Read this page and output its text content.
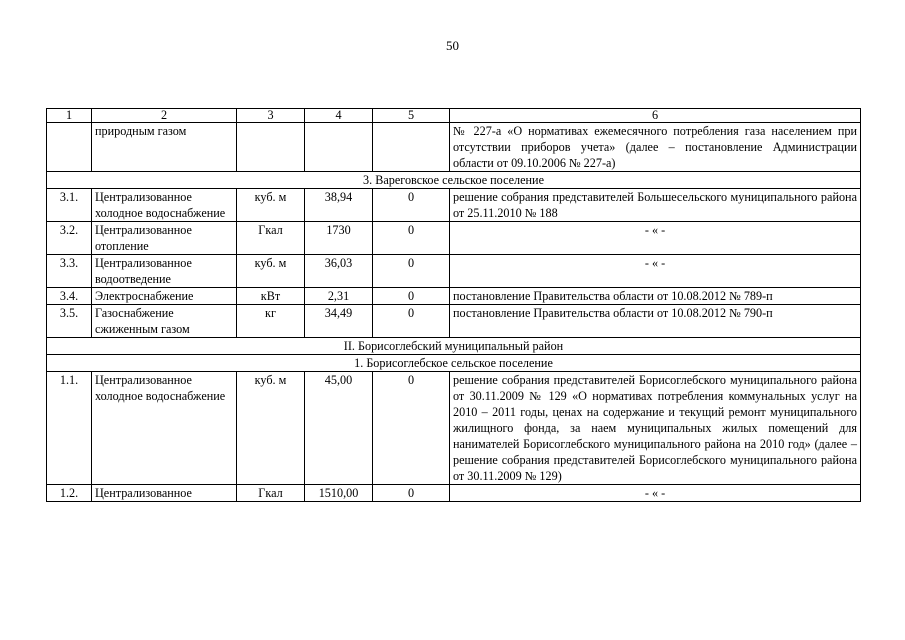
50
1	2	3	4	5	6
	природным газом				№ 227-а «О нормативах ежемесячного потребления газа населением при отсутствии приборов учета» (далее – постановление Администрации области от 09.10.2006 № 227-а)
3. Вареговское сельское поселение					
3.1.	Централизованное холодное водоснабжение	куб. м	38,94	0	решение собрания представителей Большесельского муниципального района от 25.11.2010 № 188
3.2.	Централизованное отопление	Гкал	1730	0	- « -
3.3.	Централизованное водоотведение	куб. м	36,03	0	- « -
3.4.	Электроснабжение	кВт	2,31	0	постановление Правительства области от 10.08.2012 № 789-п
3.5.	Газоснабжение сжиженным газом	кг	34,49	0	постановление Правительства области от 10.08.2012 № 790-п
II. Борисоглебский муниципальный район					
1. Борисоглебское сельское поселение					
1.1.	Централизованное холодное водоснабжение	куб. м	45,00	0	решение собрания представителей Борисоглебского муниципального района от 30.11.2009 № 129 «О нормативах потребления коммунальных услуг на 2010 – 2011 годы, ценах на содержание и текущий ремонт муниципального жилищного фонда, за наем муниципальных жилых помещений для нанимателей Борисоглебского муниципального района на 2010 год» (далее – решение собрания представителей Борисоглебского муниципального района от 30.11.2009 № 129)
1.2.	Централизованное	Гкал	1510,00	0	- « -
